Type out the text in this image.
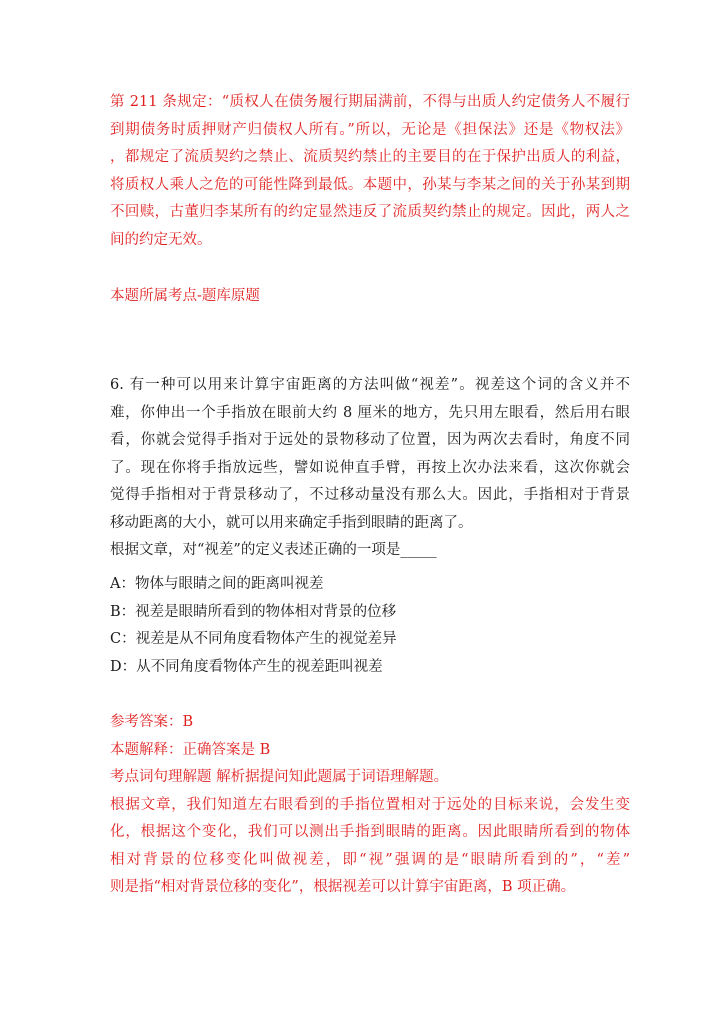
第 211 条规定：“质权人在债务履行期届满前，不得与出质人约定债务人不履行
到期债务时质押财产归债权人所有。”所以，无论是《担保法》还是《物权法》
，都规定了流质契约之禁止、流质契约禁止的主要目的在于保护出质人的利益，
将质权人乘人之危的可能性降到最低。本题中，孙某与李某之间的关于孙某到期
不回赎，古董归李某所有的约定显然违反了流质契约禁止的规定。因此，两人之
间的约定无效。
本题所属考点-题库原题
6. 有一种可以用来计算宇宙距离的方法叫做“视差”。视差这个词的含义并不
难，你伸出一个手指放在眼前大约 8 厘米的地方，先只用左眼看，然后用右眼
看，你就会觉得手指对于远处的景物移动了位置，因为两次去看时，角度不同
了。现在你将手指放远些，譬如说伸直手臂，再按上次办法来看，这次你就会
觉得手指相对于背景移动了，不过移动量没有那么大。因此，手指相对于背景
移动距离的大小，就可以用来确定手指到眼睛的距离了。
根据文章，对“视差”的定义表述正确的一项是_____
A：物体与眼睛之间的距离叫视差
B：视差是眼睛所看到的物体相对背景的位移
C：视差是从不同角度看物体产生的视觉差异
D：从不同角度看物体产生的视差距叫视差
参考答案：B
本题解释：正确答案是 B
考点词句理解题 解析据提问知此题属于词语理解题。
根据文章，我们知道左右眼看到的手指位置相对于远处的目标来说，会发生变
化，根据这个变化，我们可以测出手指到眼睛的距离。因此眼睛所看到的物体
相对背景的位移变化叫做视差，即“视”强调的是“眼睛所看到的”，“差”
则是指“相对背景位移的变化”，根据视差可以计算宇宙距离，B 项正确。
